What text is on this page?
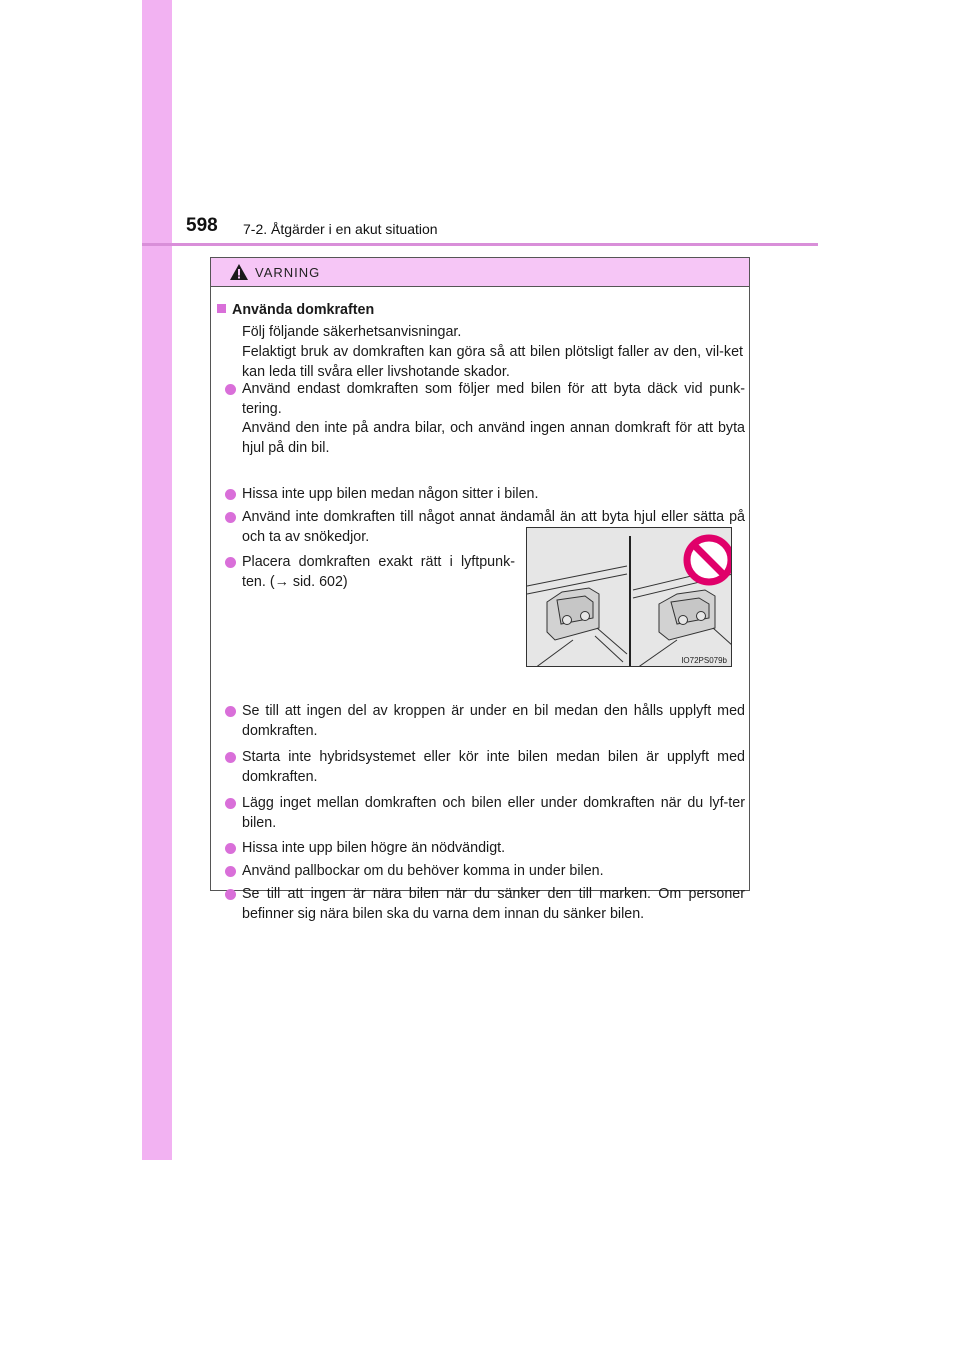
598 7-2. Åtgärder i en akut situation
VARNING
Använda domkraften
Följ följande säkerhetsanvisningar.
Felaktigt bruk av domkraften kan göra så att bilen plötsligt faller av den, vil-ket kan leda till svåra eller livshotande skador.
Använd endast domkraften som följer med bilen för att byta däck vid punk-tering.
Använd den inte på andra bilar, och använd ingen annan domkraft för att byta hjul på din bil.
Hissa inte upp bilen medan någon sitter i bilen.
Använd inte domkraften till något annat ändamål än att byta hjul eller sätta på och ta av snökedjor.
Placera domkraften exakt rätt i lyftpunk-ten. (→ sid. 602)
Se till att ingen del av kroppen är under en bil medan den hålls upplyft med domkraften.
Starta inte hybridsystemet eller kör inte bilen medan bilen är upplyft med domkraften.
Lägg inget mellan domkraften och bilen eller under domkraften när du lyf-ter bilen.
Hissa inte upp bilen högre än nödvändigt.
Använd pallbockar om du behöver komma in under bilen.
Se till att ingen är nära bilen när du sänker den till marken. Om personer befinner sig nära bilen ska du varna dem innan du sänker bilen.
IO72PS079b
